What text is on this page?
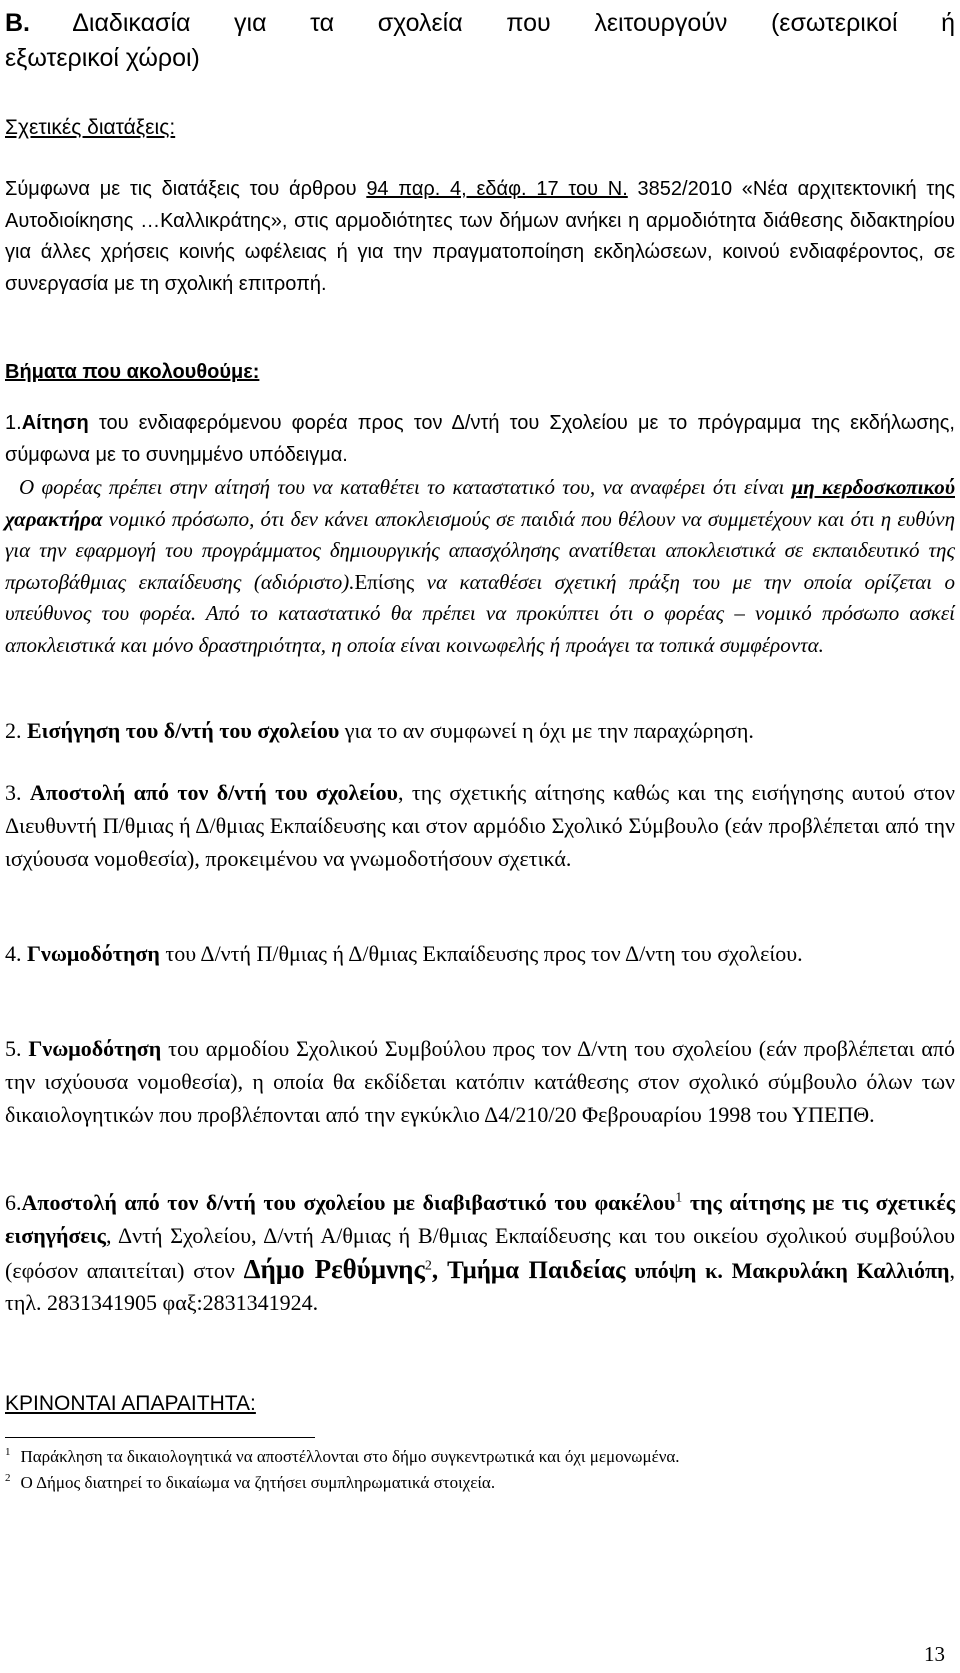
Β. Διαδικασία για τα σχολεία που λειτουργούν (εσωτερικοί ή
εξωτερικοί χώροι)
Σχετικές διατάξεις:
Σύμφωνα με τις διατάξεις του άρθρου 94 παρ. 4, εδάφ. 17 του Ν. 3852/2010 «Νέα αρχιτεκτονική της Αυτοδιοίκησης …Καλλικράτης», στις αρμοδιότητες των δήμων ανήκει η αρμοδιότητα διάθεσης διδακτηρίου για άλλες χρήσεις κοινής ωφέλειας ή για την πραγματοποίηση εκδηλώσεων, κοινού ενδιαφέροντος, σε συνεργασία με τη σχολική επιτροπή.
Βήματα που ακολουθούμε:
1.Αίτηση του ενδιαφερόμενου φορέα προς τον Δ/ντή του Σχολείου με το πρόγραμμα της εκδήλωσης, σύμφωνα με το συνημμένο υπόδειγμα.
Ο φορέας πρέπει στην αίτησή του να καταθέτει το καταστατικό του, να αναφέρει ότι είναι μη κερδοσκοπικού χαρακτήρα νομικό πρόσωπο, ότι δεν κάνει αποκλεισμούς σε παιδιά που θέλουν να συμμετέχουν και ότι η ευθύνη για την εφαρμογή του προγράμματος δημιουργικής απασχόλησης ανατίθεται αποκλειστικά σε εκπαιδευτικό της πρωτοβάθμιας εκπαίδευσης (αδιόριστο).Επίσης να καταθέσει σχετική πράξη του με την οποία ορίζεται ο υπεύθυνος του φορέα. Από το καταστατικό θα πρέπει να προκύπτει ότι ο φορέας – νομικό πρόσωπο ασκεί αποκλειστικά και μόνο δραστηριότητα, η οποία είναι κοινωφελής ή προάγει τα τοπικά συμφέροντα.
2. Εισήγηση του δ/ντή του σχολείου για το αν συμφωνεί η όχι με την παραχώρηση.
3. Αποστολή από τον δ/ντή του σχολείου, της σχετικής αίτησης καθώς και της εισήγησης αυτού στον Διευθυντή Π/θμιας ή Δ/θμιας Εκπαίδευσης και στον αρμόδιο Σχολικό Σύμβουλο (εάν προβλέπεται από την ισχύουσα νομοθεσία), προκειμένου να γνωμοδοτήσουν σχετικά.
4. Γνωμοδότηση του Δ/ντή Π/θμιας ή Δ/θμιας Εκπαίδευσης προς τον Δ/ντη του σχολείου.
5. Γνωμοδότηση του αρμοδίου Σχολικού Συμβούλου προς τον Δ/ντη του σχολείου (εάν προβλέπεται από την ισχύουσα νομοθεσία), η οποία θα εκδίδεται κατόπιν κατάθεσης στον σχολικό σύμβουλο όλων των δικαιολογητικών που προβλέπονται από την εγκύκλιο Δ4/210/20 Φεβρουαρίου 1998 του ΥΠΕΠΘ.
6.Αποστολή από τον δ/ντή του σχολείου με διαβιβαστικό του φακέλου$^1$ της αίτησης με τις σχετικές εισηγήσεις, Δντή Σχολείου, Δ/ντή Α/θμιας ή Β/θμιας Εκπαίδευσης και του οικείου σχολικού συμβούλου (εφόσον απαιτείται) στον Δήμο Ρεθύμνης$^2$, Τμήμα Παιδείας υπόψη κ. Μακρυλάκη Καλλιόπη, τηλ. 2831341905 φαξ:2831341924.
ΚΡΙΝΟΝΤΑΙ ΑΠΑΡΑΙΤΗΤΑ:
$^1$ Παράκληση τα δικαιολογητικά να αποστέλλονται στο δήμο συγκεντρωτικά και όχι μεμονωμένα.
$^2$ Ο Δήμος διατηρεί το δικαίωμα να ζητήσει συμπληρωματικά στοιχεία.
13
